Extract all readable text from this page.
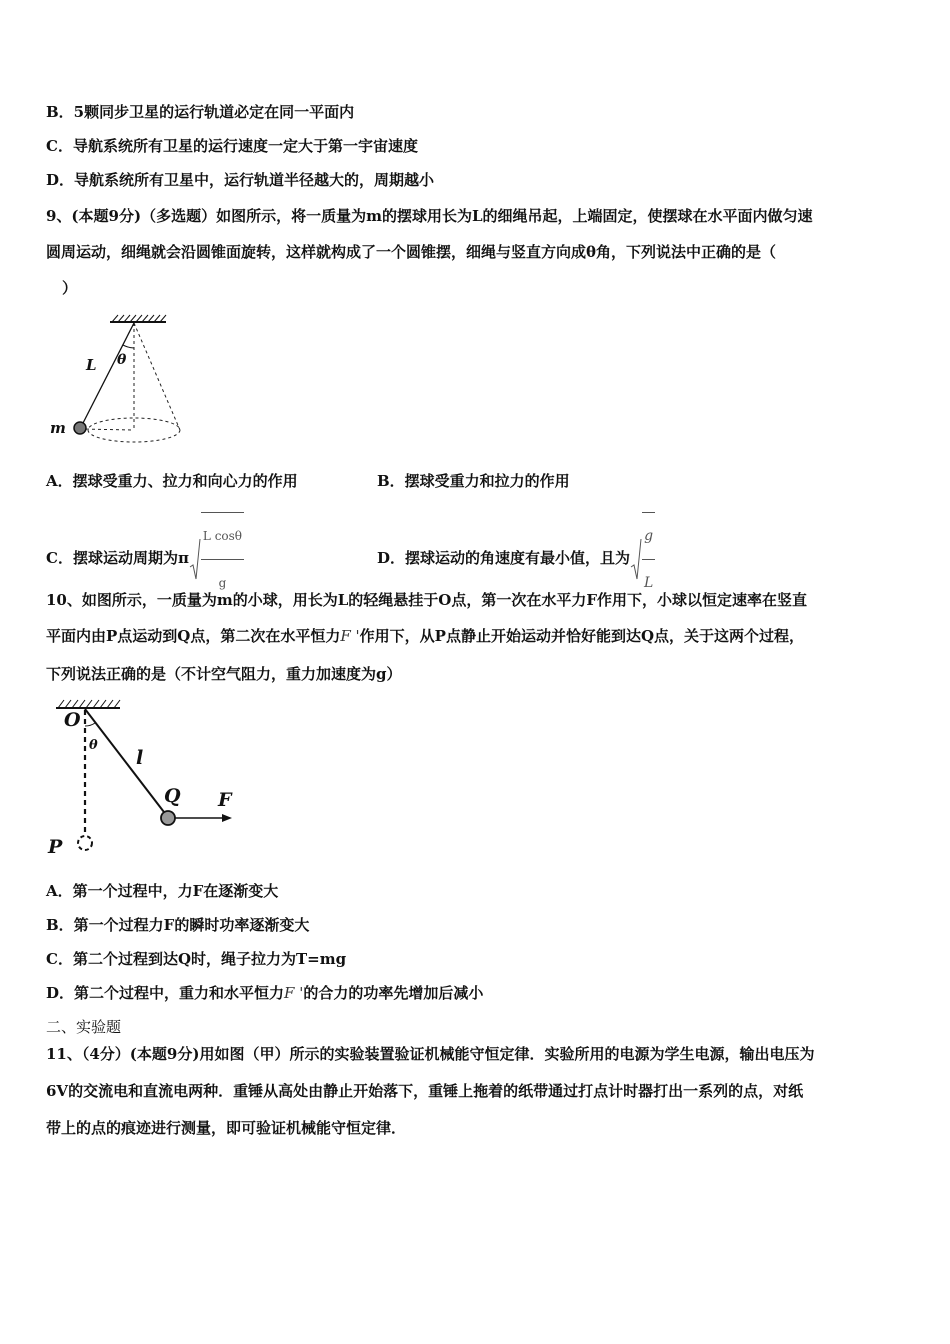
B．5颗同步卫星的运行轨道必定在同一平面内
C．导航系统所有卫星的运行速度一定大于第一宇宙速度
D．导航系统所有卫星中，运行轨道半径越大的，周期越小
9、(本题9分)（多选题）如图所示，将一质量为m的摆球用长为L的细绳吊起，上端固定，使摆球在水平面内做匀速
圆周运动，细绳就会沿圆锥面旋转，这样就构成了一个圆锥摆，细绳与竖直方向成θ角，下列说法中正确的是（
）
L θ
m
A．摆球受重力、拉力和向心力的作用	B．摆球受重力和拉力的作用
C．摆球运动周期为π $\frac{\text{L cosθ}}{g}$	D．摆球运动的角速度有最小值，且为 $\frac{g}{L}$
10、如图所示，一质量为m的小球，用长为L的轻绳悬挂于O点，第一次在水平力F作用下，小球以恒定速率在竖直
平面内由P点运动到Q点，第二次在水平恒力F '作用下，从P点静止开始运动并恰好能到达Q点，关于这两个过程，
下列说法正确的是（不计空气阻力，重力加速度为g）
O
θ
l
Q F
P
A．第一个过程中，力F在逐渐变大
B．第一个过程力F的瞬时功率逐渐变大
C．第二个过程到达Q时，绳子拉力为T=mg
D．第二个过程中，重力和水平恒力F '的合力的功率先增加后减小
二、实验题
11、（4分）(本题9分)用如图（甲）所示的实验装置验证机械能守恒定律．实验所用的电源为学生电源，输出电压为
6V的交流电和直流电两种．重锤从高处由静止开始落下，重锤上拖着的纸带通过打点计时器打出一系列的点，对纸
带上的点的痕迹进行测量，即可验证机械能守恒定律．
